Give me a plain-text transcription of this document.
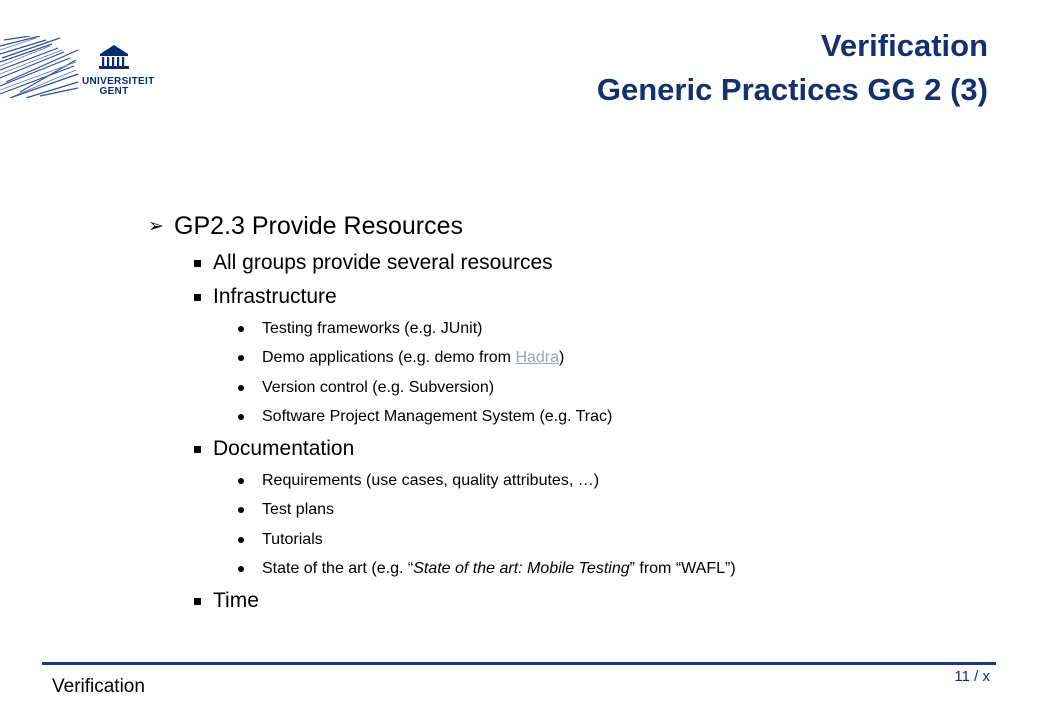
UNIVERSITEIT
GENT
Verification
Generic Practices GG 2 (3)
➢ GP2.3 Provide Resources
All groups provide several resources
Infrastructure
Testing frameworks (e.g. JUnit)
Demo applications (e.g. demo from Hadra )
Version control (e.g. Subversion)
Software Project Management System (e.g. Trac)
Documentation
Requirements (use cases, quality attributes, …)
Test plans
Tutorials
State of the art (e.g. “ State of the art: Mobile Testing ” from “WAFL”)
Time
Verification	11 / x
